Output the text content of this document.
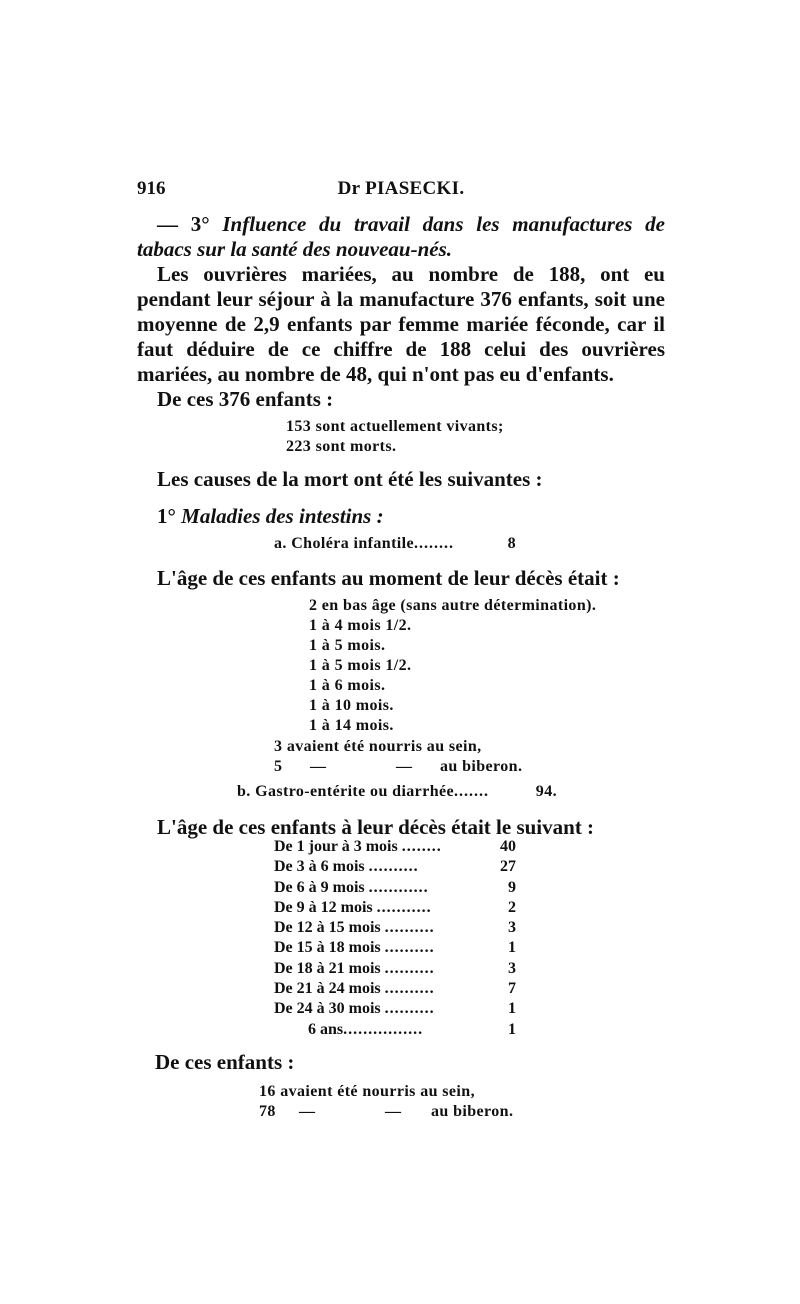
916	Dr PIASECKI.
— 3° Influence du travail dans les manufactures de tabacs sur la santé des nouveau-nés.
Les ouvrières mariées, au nombre de 188, ont eu pendant leur séjour à la manufacture 376 enfants, soit une moyenne de 2,9 enfants par femme mariée féconde, car il faut déduire de ce chiffre de 188 celui des ouvrières mariées, au nombre de 48, qui n'ont pas eu d'enfants.
De ces 376 enfants :
153 sont actuellement vivants;
223 sont morts.
Les causes de la mort ont été les suivantes :
1° Maladies des intestins :
a. Choléra infantile........	8
L'âge de ces enfants au moment de leur décès était :
2 en bas âge (sans autre détermination).
1 à 4 mois 1/2.
1 à 5 mois.
1 à 5 mois 1/2.
1 à 6 mois.
1 à 10 mois.
1 à 14 mois.
3 avaient été nourris au sein,
5 —	— au biberon.
b. Gastro-entérite ou diarrhée.......	94.
L'âge de ces enfants à leur décès était le suivant :
De 1 jour à 3 mois ........	40
De 3 à 6 mois ..........	27
De 6 à 9 mois ............	9
De 9 à 12 mois ...........	2
De 12 à 15 mois ..........	3
De 15 à 18 mois ..........	1
De 18 à 21 mois ..........	3
De 21 à 24 mois ..........	7
De 24 à 30 mois ..........	1
6 ans................	1
De ces enfants :
16 avaient été nourris au sein,
78 —	— au biberon.
